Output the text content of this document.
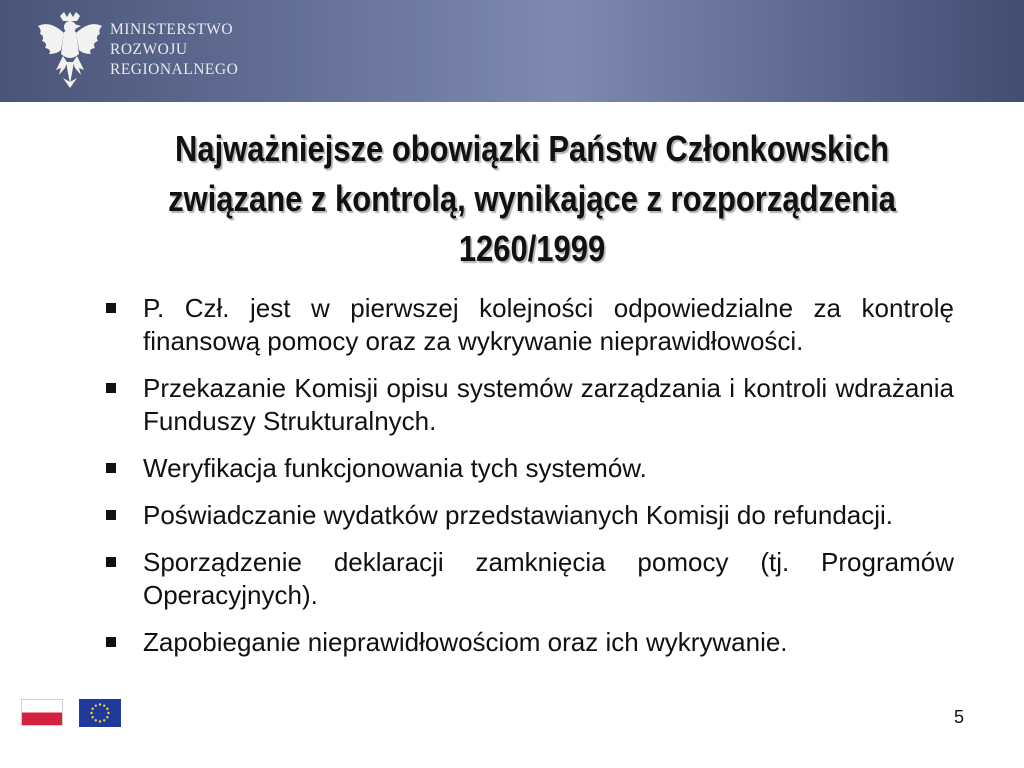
MINISTERSTWO
ROZWOJU
REGIONALNEGO
Najważniejsze obowiązki Państw Członkowskich
związane z kontrolą, wynikające z rozporządzenia
1260/1999
P. Czł. jest w pierwszej kolejności odpowiedzialne za kontrolę finansową pomocy oraz za wykrywanie nieprawidłowości.
Przekazanie Komisji opisu systemów zarządzania i kontroli wdrażania Funduszy Strukturalnych.
Weryfikacja funkcjonowania tych systemów.
Poświadczanie wydatków przedstawianych Komisji do refundacji.
Sporządzenie deklaracji zamknięcia pomocy (tj. Programów Operacyjnych).
Zapobieganie nieprawidłowościom oraz ich wykrywanie.
5
